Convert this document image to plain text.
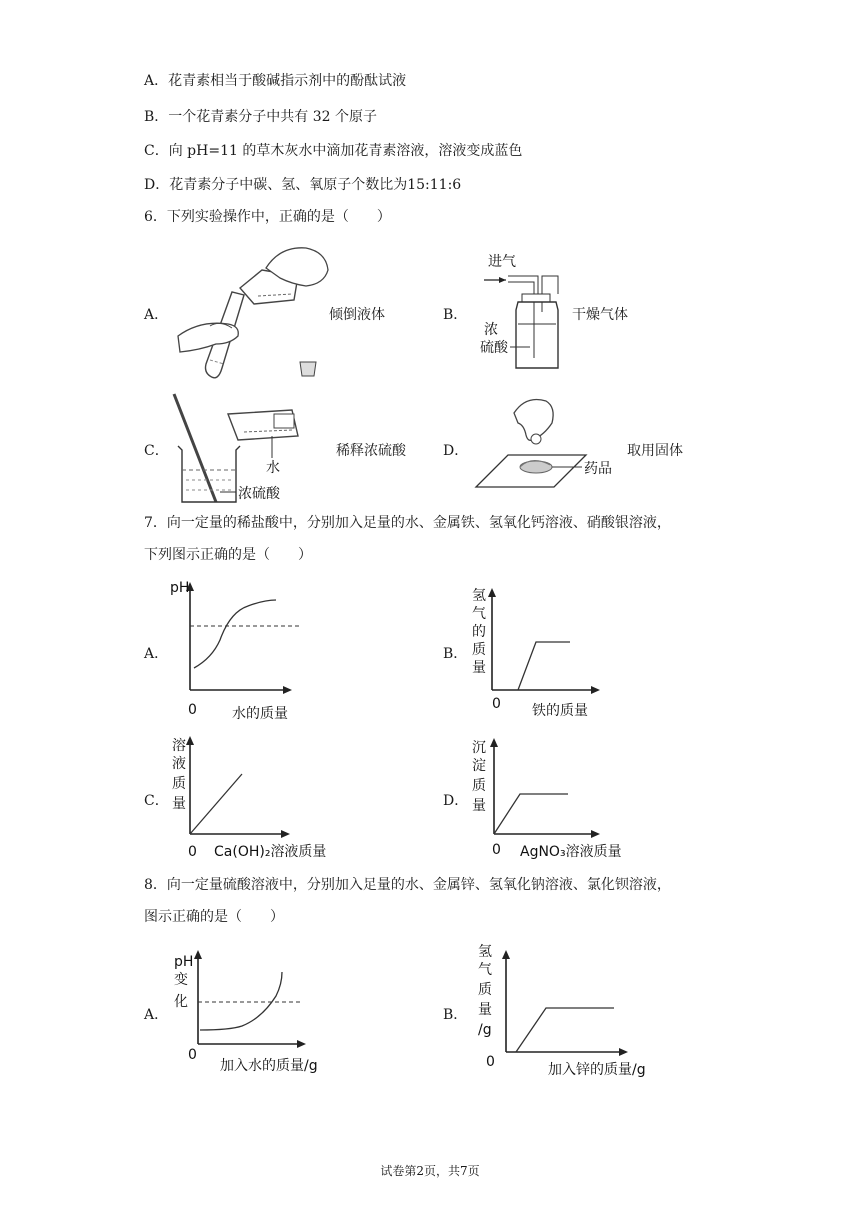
A．花青素相当于酸碱指示剂中的酚酞试液
B．一个花青素分子中共有 32 个原子
C．向 pH=11 的草木灰水中滴加花青素溶液，溶液变成蓝色
D．花青素分子中碳、氢、氧原子个数比为15:11:6
6．下列实验操作中，正确的是（　　）
A．	倾倒液体	B．
进气
浓
硫酸
干燥气体
C．
水
浓硫酸
稀释浓硫酸	D．
药品
取用固体
7．向一定量的稀盐酸中，分别加入足量的水、金属铁、氢氧化钙溶液、硝酸银溶液，
下列图示正确的是（　　）
A．
pH
0	水的质量
B．
氢
气
的
质
量
0 铁的质量
C．
溶
液
质
量
0 Ca(OH)₂溶液质量
D．
沉
淀
质
量
0 AgNO₃溶液质量
8．向一定量硫酸溶液中，分别加入足量的水、金属锌、氢氧化钠溶液、氯化钡溶液，
图示正确的是（　　）
A．
pH
变
化
0
加入水的质量/g
B．
氢
气
质
量
/g
0	加入锌的质量/g
试卷第2页，共7页
